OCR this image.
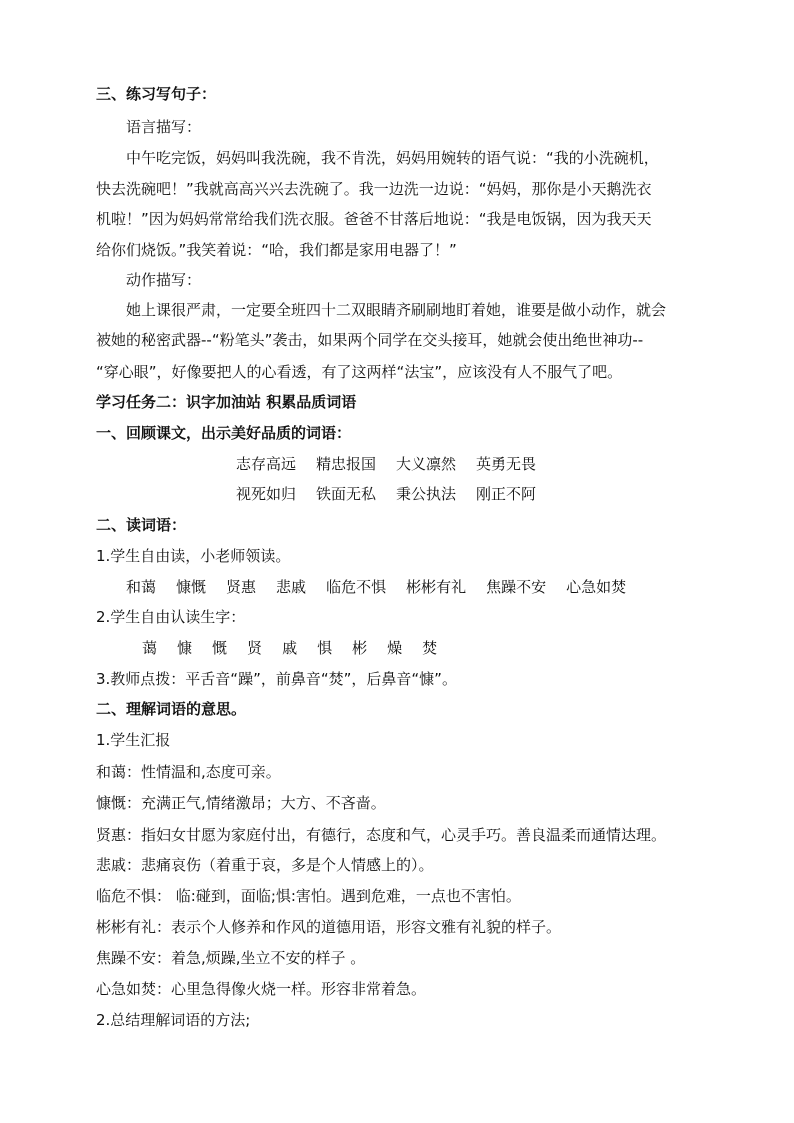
三、练习写句子：
语言描写：
中午吃完饭，妈妈叫我洗碗，我不肯洗，妈妈用婉转的语气说：“我的小洗碗机，
快去洗碗吧！”我就高高兴兴去洗碗了。我一边洗一边说：“妈妈，那你是小天鹅洗衣
机啦！”因为妈妈常常给我们洗衣服。爸爸不甘落后地说：“我是电饭锅，因为我天天
给你们烧饭。”我笑着说：“哈，我们都是家用电器了！”
动作描写：
她上课很严肃，一定要全班四十二双眼睛齐刷刷地盯着她，谁要是做小动作，就会
被她的秘密武器--“粉笔头”袭击，如果两个同学在交头接耳，她就会使出绝世神功--
“穿心眼”，好像要把人的心看透，有了这两样“法宝”，应该没有人不服气了吧。
学习任务二：识字加油站 积累品质词语
一、回顾课文，出示美好品质的词语：
志存高远 精忠报国 大义凛然 英勇无畏
视死如归 铁面无私 秉公执法 刚正不阿
二、读词语：
1.学生自由读，小老师领读。
和蔼 慷慨 贤惠 悲戚 临危不惧 彬彬有礼 焦躁不安 心急如焚
2.学生自由认读生字：
蔼 慷 慨 贤 戚 惧 彬 燥 焚
3.教师点拨：平舌音“躁”，前鼻音“焚”，后鼻音“慷”。
二、理解词语的意思。
1.学生汇报
和蔼：性情温和,态度可亲。
慷慨：充满正气,情绪激昂；大方、不吝啬。
贤惠：指妇女甘愿为家庭付出，有德行，态度和气，心灵手巧。善良温柔而通情达理。
悲戚：悲痛哀伤（着重于哀，多是个人情感上的）。
临危不惧： 临:碰到，面临;惧:害怕。遇到危难，一点也不害怕。
彬彬有礼：表示个人修养和作风的道德用语，形容文雅有礼貌的样子。
焦躁不安：着急,烦躁,坐立不安的样子 。
心急如焚：心里急得像火烧一样。形容非常着急。
2.总结理解词语的方法;
